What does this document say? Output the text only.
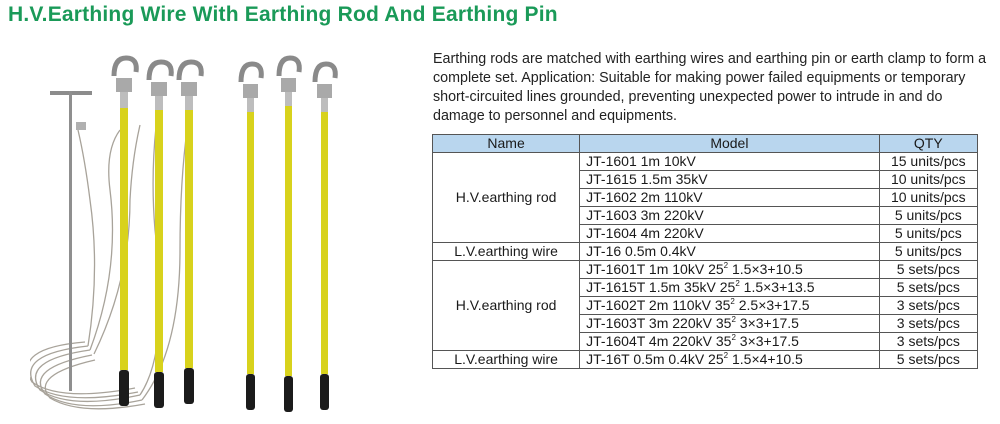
H.V.Earthing Wire With Earthing Rod And Earthing Pin

Earthing rods are matched with earthing wires and earthing pin or earth clamp to form a complete set. Application: Suitable for making power failed equipments or temporary short-circuited lines grounded, preventing unexpected power to intrude in and do damage to personnel and equipments.

Name	Model	QTY
H.V.earthing rod	JT-1601 1m 10kV	15 units/pcs
	JT-1615 1.5m 35kV	10 units/pcs
	JT-1602 2m 110kV	10 units/pcs
	JT-1603 3m 220kV	5 units/pcs
	JT-1604 4m 220kV	5 units/pcs
L.V.earthing wire	JT-16 0.5m 0.4kV	5 units/pcs
H.V.earthing rod	JT-1601T 1m 10kV $25^2$ 1.5×3+10.5	5 sets/pcs
	JT-1615T 1.5m 35kV $25^2$ 1.5×3+13.5	5 sets/pcs
	JT-1602T 2m 110kV $35^2$ 2.5×3+17.5	3 sets/pcs
	JT-1603T 3m 220kV $35^2$ 3×3+17.5	3 sets/pcs
	JT-1604T 4m 220kV $35^2$ 3×3+17.5	3 sets/pcs
L.V.earthing wire	JT-16T 0.5m 0.4kV $25^2$ 1.5×4+10.5	5 sets/pcs
